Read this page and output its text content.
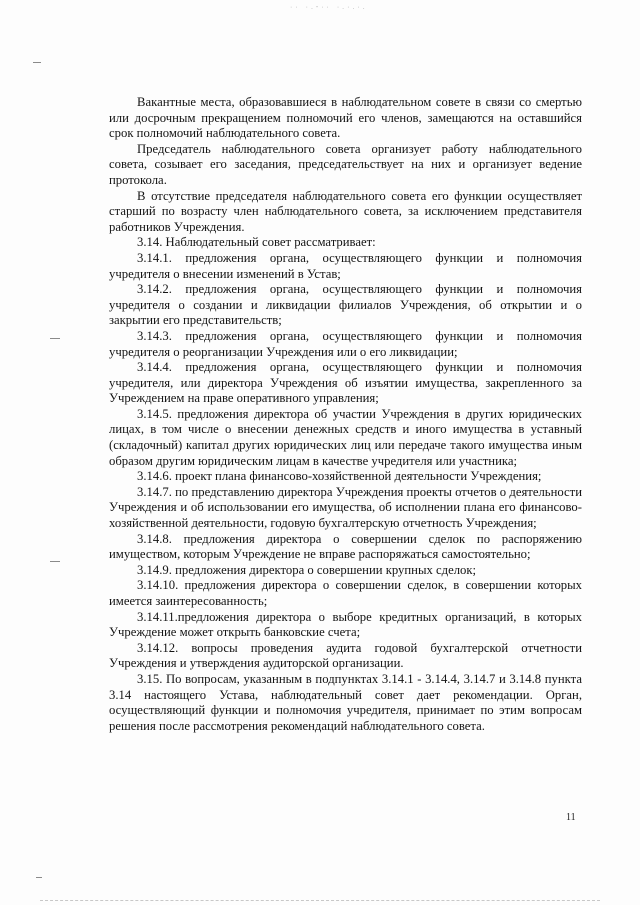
·· ·.-·· ·.·.·.

Вакантные места, образовавшиеся в наблюдательном совете в связи со смертью или досрочным прекращением полномочий его членов, замещаются на оставшийся срок полномочий наблюдательного совета.

Председатель наблюдательного совета организует работу наблюдательного совета, созывает его заседания, председательствует на них и организует ведение протокола.

В отсутствие председателя наблюдательного совета его функции осуществляет старший по возрасту член наблюдательного совета, за исключением представителя работников Учреждения.

3.14. Наблюдательный совет рассматривает:

3.14.1. предложения органа, осуществляющего функции и полномочия учредителя о внесении изменений в Устав;

3.14.2. предложения органа, осуществляющего функции и полномочия учредителя о создании и ликвидации филиалов Учреждения, об открытии и о закрытии его представительств;

3.14.3. предложения органа, осуществляющего функции и полномочия учредителя о реорганизации Учреждения или о его ликвидации;

3.14.4. предложения органа, осуществляющего функции и полномочия учредителя, или директора Учреждения об изъятии имущества, закрепленного за Учреждением на праве оперативного управления;

3.14.5. предложения директора об участии Учреждения в других юридических лицах, в том числе о внесении денежных средств и иного имущества в уставный (складочный) капитал других юридических лиц или передаче такого имущества иным образом другим юридическим лицам в качестве учредителя или участника;

3.14.6. проект плана финансово-хозяйственной деятельности Учреждения;

3.14.7. по представлению директора Учреждения проекты отчетов о деятельности Учреждения и об использовании его имущества, об исполнении плана его финансово-хозяйственной деятельности, годовую бухгалтерскую отчетность Учреждения;

3.14.8. предложения директора о совершении сделок по распоряжению имуществом, которым Учреждение не вправе распоряжаться самостоятельно;

3.14.9. предложения директора о совершении крупных сделок;

3.14.10. предложения директора о совершении сделок, в совершении которых имеется заинтересованность;

3.14.11.предложения директора о выборе кредитных организаций, в которых Учреждение может открыть банковские счета;

3.14.12. вопросы проведения аудита годовой бухгалтерской отчетности Учреждения и утверждения аудиторской организации.

3.15. По вопросам, указанным в подпунктах 3.14.1 - 3.14.4, 3.14.7 и 3.14.8 пункта 3.14 настоящего Устава, наблюдательный совет дает рекомендации. Орган, осуществляющий функции и полномочия учредителя, принимает по этим вопросам решения после рассмотрения рекомендаций наблюдательного совета.

11
